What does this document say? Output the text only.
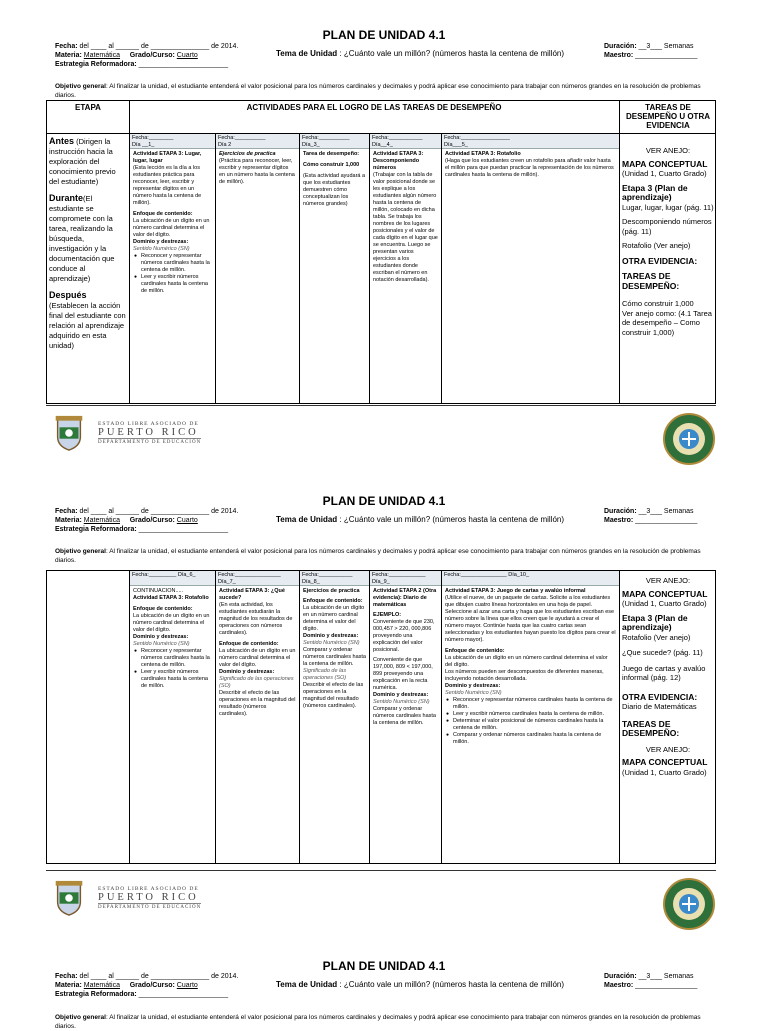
PLAN DE UNIDAD 4.1
Fecha: del ____ al ______ de _______________ de 2014.
Materia: Matemática Grado/Curso: Cuarto
Estrategia Reformadora: _______________________
Tema de Unidad : ¿Cuánto vale un millón? (números hasta la centena de millón)
Duración: __3___ Semanas
Maestro: ________________
Objetivo general: Al finalizar la unidad, el estudiante entenderá el valor posicional para los números cardinales y decimales y podrá aplicar ese conocimiento para trabajar con números grandes en la resolución de problemas diarios.
ETAPA	ACTIVIDADES PARA EL LOGRO DE LAS TAREAS DE DESEMPEÑO	TAREAS DE DESEMPEÑO U OTRA EVIDENCIA
Antes (Dirigen la instrucción hacia la exploración del conocimiento previo del estudiante)
Durante(El estudiante se compromete con la tarea, realizando la búsqueda, investigación y la documentación que conduce al aprendizaje)
Después
(Establecen la acción final del estudiante con relación al aprendizaje adquirido en esta unidad)
Fecha:________
Día __1_
Actividad ETAPA 3: Lugar, lugar, lugar
(Esta lección es la día a los estudiantes práctica para reconocer, leer, escribir y representar dígitos en un número hasta la centena de millón).
Enfoque de contenido:
La ubicación de un dígito en un número cardinal determina el valor del dígito.
Dominio y destrezas:
Sentido Numérico (SN)
● Reconocer y representar números cardinales hasta la centena de millón.
● Leer y escribir números cardinales hasta la centena de millón.
Fecha:__________
Día 2
Ejercicios de practica
(Práctica para reconocer, leer, escribir y representar dígitos en un número hasta la centena de millón).
Fecha:__________
Día_3_
Tarea de desempeño:
Cómo construir 1,000
(Esta actividad ayudará a que los estudiantes demuestren cómo conceptualizan los números grandes)
Fecha:___________
Día__4_
Actividad ETAPA 3: Descomponiendo números
(Trabajar con la tabla de valor posicional donde se les explique a los estudiantes algún número hasta la centena de millón, colocado en dicha tabla. Se trabaja los nombres de los lugares posicionales y el valor de cada dígito en el lugar que se encuentra. Luego se presentan varios ejercicios a los estudiantes donde escriban el número en notación desarrollada).
Fecha:________________
Día___5_
Actividad ETAPA 3: Rotafolio
(Haga que los estudiantes creen un rotafolio para añadir valor hasta el millón para que puedan practicar la representación de los números cardinales hasta la centena de millón).
VER ANEJO:
MAPA CONCEPTUAL
(Unidad 1, Cuarto Grado)
Etapa 3 (Plan de aprendizaje)
Lugar, lugar, lugar (pág. 11)
Descomponiendo números (pág. 11)
Rotafolio (Ver anejo)
OTRA EVIDENCIA:
TAREAS DE DESEMPEÑO:
Cómo construir 1,000
Ver anejo como: (4.1 Tarea de desempeño – Como construir 1,000)
ESTADO LIBRE ASOCIADO DE
PUERTO RICO
DEPARTAMENTO DE EDUCACIÓN
PLAN DE UNIDAD 4.1
Fecha: del ____ al ______ de _______________ de 2014.
Materia: Matemática Grado/Curso: Cuarto
Estrategia Reformadora: _______________________
Tema de Unidad : ¿Cuánto vale un millón? (números hasta la centena de millón)
Duración: __3___ Semanas
Maestro: ________________
Objetivo general: Al finalizar la unidad, el estudiante entenderá el valor posicional para los números cardinales y decimales y podrá aplicar ese conocimiento para trabajar con números grandes en la resolución de problemas diarios.
Fecha:_________ Día_6_
CONTINUACION.....
Actividad ETAPA 3: Rotafolio
Enfoque de contenido:
La ubicación de un dígito en un número cardinal determina el valor del dígito.
Dominio y destrezas:
Sentido Numérico (SN)
● Reconocer y representar números cardinales hasta la centena de millón.
● Leer y escribir números cardinales hasta la centena de millón.
Fecha:_______________
Día_7_
Actividad ETAPA 3: ¿Qué sucede?
(En esta actividad, los estudiantes estudiarán la magnitud de los resultados de operaciones con números cardinales).
Enfoque de contenido:
La ubicación de un dígito en un número cardinal determina el valor del dígito.
Dominio y destrezas:
Significado de las operaciones (SO)
Describir el efecto de las operaciones en la magnitud del resultado (números cardinales).
Fecha:___________
Día_8_
Ejercicios de practica
Enfoque de contenido:
La ubicación de un dígito en un número cardinal determina el valor del dígito.
Dominio y destrezas:
Sentido Numérico (SN)
Comparar y ordenar números cardinales hasta la centena de millón.
Significado de las operaciones (SO)
Describir el efecto de las operaciones en la magnitud del resultado (números cardinales).
Fecha:____________
Día_9_
Actividad ETAPA 2 (Otra evidencia): Diario de matemáticas
EJEMPLO:
Conveniente de que 230, 000,457 > 220, 000,806 proveyendo una explicación del valor posicional.
Conveniente de que 197,000, 809 < 197,000, 899 proveyendo una explicación en la recta numérica.
Dominio y destrezas:
Sentido Numérico (SN)
Comparar y ordenar números cardinales hasta la centena de millón.
Fecha:_______________ Día_10_
Actividad ETAPA 3: Juego de cartas y avalúo informal
(Utilice el nueve, de un paquete de cartas. Solicite a los estudiantes que dibujen cuatro líneas horizontales en una hoja de papel. Seleccione al azar una carta y haga que los estudiantes escriban ese número sobre la línea que ellos creen que le ayudará a crear el número mayor. Continúe hasta que las cuatro cartas sean seleccionadas y los estudiantes hayan puesto los dígitos para crear el número mayor).
Enfoque de contenido:
La ubicación de un dígito en un número cardinal determina el valor del dígito.
Los números pueden ser descompuestos de diferentes maneras, incluyendo notación desarrollada.
Dominio y destrezas:
Sentido Numérico (SN)
● Reconocer y representar números cardinales hasta la centena de millón.
● Leer y escribir números cardinales hasta la centena de millón.
● Determinar el valor posicional de números cardinales hasta la centena de millón.
● Comparar y ordenar números cardinales hasta la centena de millón.
VER ANEJO:
MAPA CONCEPTUAL
(Unidad 1, Cuarto Grado)
Etapa 3 (Plan de aprendizaje)
Rotafolio (Ver anejo)
¿Que sucede? (pág. 11)
Juego de cartas y avalúo informal (pág. 12)
OTRA EVIDENCIA:
Diario de Matemáticas
TAREAS DE DESEMPEÑO:
VER ANEJO:
MAPA CONCEPTUAL
(Unidad 1, Cuarto Grado)
ESTADO LIBRE ASOCIADO DE
PUERTO RICO
DEPARTAMENTO DE EDUCACIÓN
PLAN DE UNIDAD 4.1
Fecha: del ____ al ______ de _______________ de 2014.
Materia: Matemática Grado/Curso: Cuarto
Estrategia Reformadora: _______________________
Tema de Unidad : ¿Cuánto vale un millón? (números hasta la centena de millón)
Duración: __3___ Semanas
Maestro: ________________
Objetivo general: Al finalizar la unidad, el estudiante entenderá el valor posicional para los números cardinales y decimales y podrá aplicar ese conocimiento para trabajar con números grandes en la resolución de problemas diarios.
